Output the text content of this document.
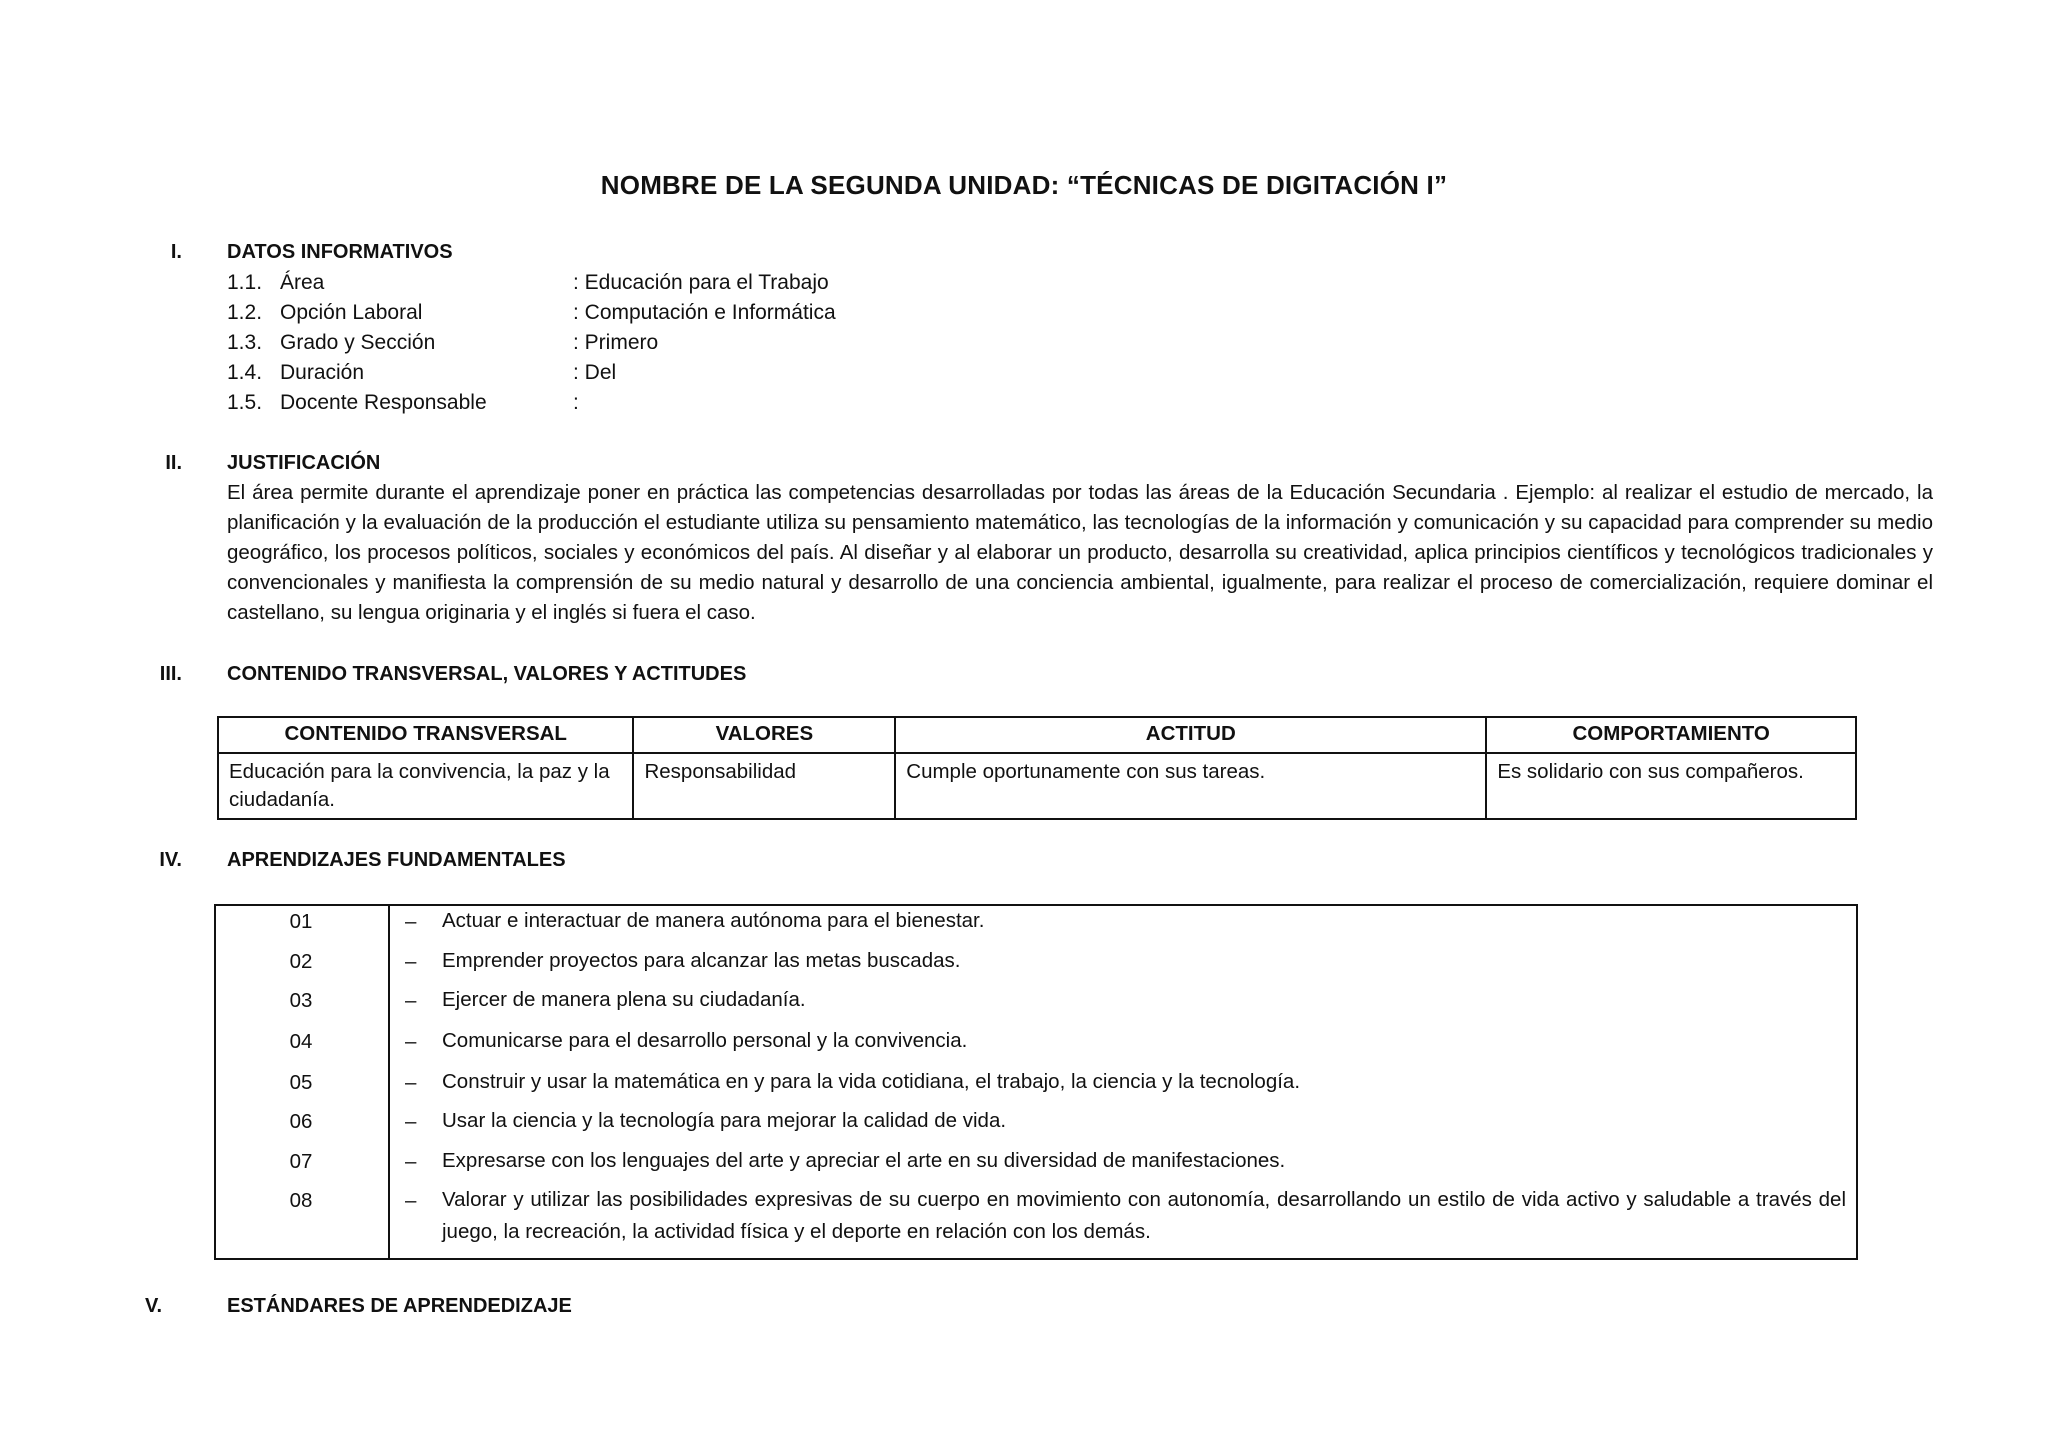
NOMBRE DE LA SEGUNDA UNIDAD: “TÉCNICAS DE DIGITACIÓN I”
I. DATOS INFORMATIVOS
1.1. Área	: Educación para el Trabajo
1.2. Opción Laboral	: Computación e Informática
1.3. Grado y Sección	: Primero
1.4. Duración	: Del
1.5. Docente Responsable	:
II. JUSTIFICACIÓN
El área permite durante el aprendizaje poner en práctica las competencias desarrolladas por todas las áreas de la Educación Secundaria . Ejemplo: al realizar el estudio de mercado, la planificación y la evaluación de la producción el estudiante utiliza su pensamiento matemático, las tecnologías de la información y comunicación y su capacidad para comprender su medio geográfico, los procesos políticos, sociales y económicos del país. Al diseñar y al elaborar un producto, desarrolla su creatividad, aplica principios científicos y tecnológicos tradicionales y convencionales y manifiesta la comprensión de su medio natural y desarrollo de una conciencia ambiental, igualmente, para realizar el proceso de comercialización, requiere dominar el castellano, su lengua originaria y el inglés si fuera el caso.
III. CONTENIDO TRANSVERSAL, VALORES Y ACTITUDES
CONTENIDO TRANSVERSAL	VALORES	ACTITUD	COMPORTAMIENTO
Educación para la convivencia, la paz y la ciudadanía.	Responsabilidad	Cumple oportunamente con sus tareas.	Es solidario con sus compañeros.
IV. APRENDIZAJES FUNDAMENTALES
01	– Actuar e interactuar de manera autónoma para el bienestar.
02	– Emprender proyectos para alcanzar las metas buscadas.
03	– Ejercer de manera plena su ciudadanía.
04	– Comunicarse para el desarrollo personal y la convivencia.
05	– Construir y usar la matemática en y para la vida cotidiana, el trabajo, la ciencia y la tecnología.
06	– Usar la ciencia y la tecnología para mejorar la calidad de vida.
07	– Expresarse con los lenguajes del arte y apreciar el arte en su diversidad de manifestaciones.
08	– Valorar y utilizar las posibilidades expresivas de su cuerpo en movimiento con autonomía, desarrollando un estilo de vida activo y saludable a través del juego, la recreación, la actividad física y el deporte en relación con los demás.
V.	ESTÁNDARES DE APRENDEDIZAJE
